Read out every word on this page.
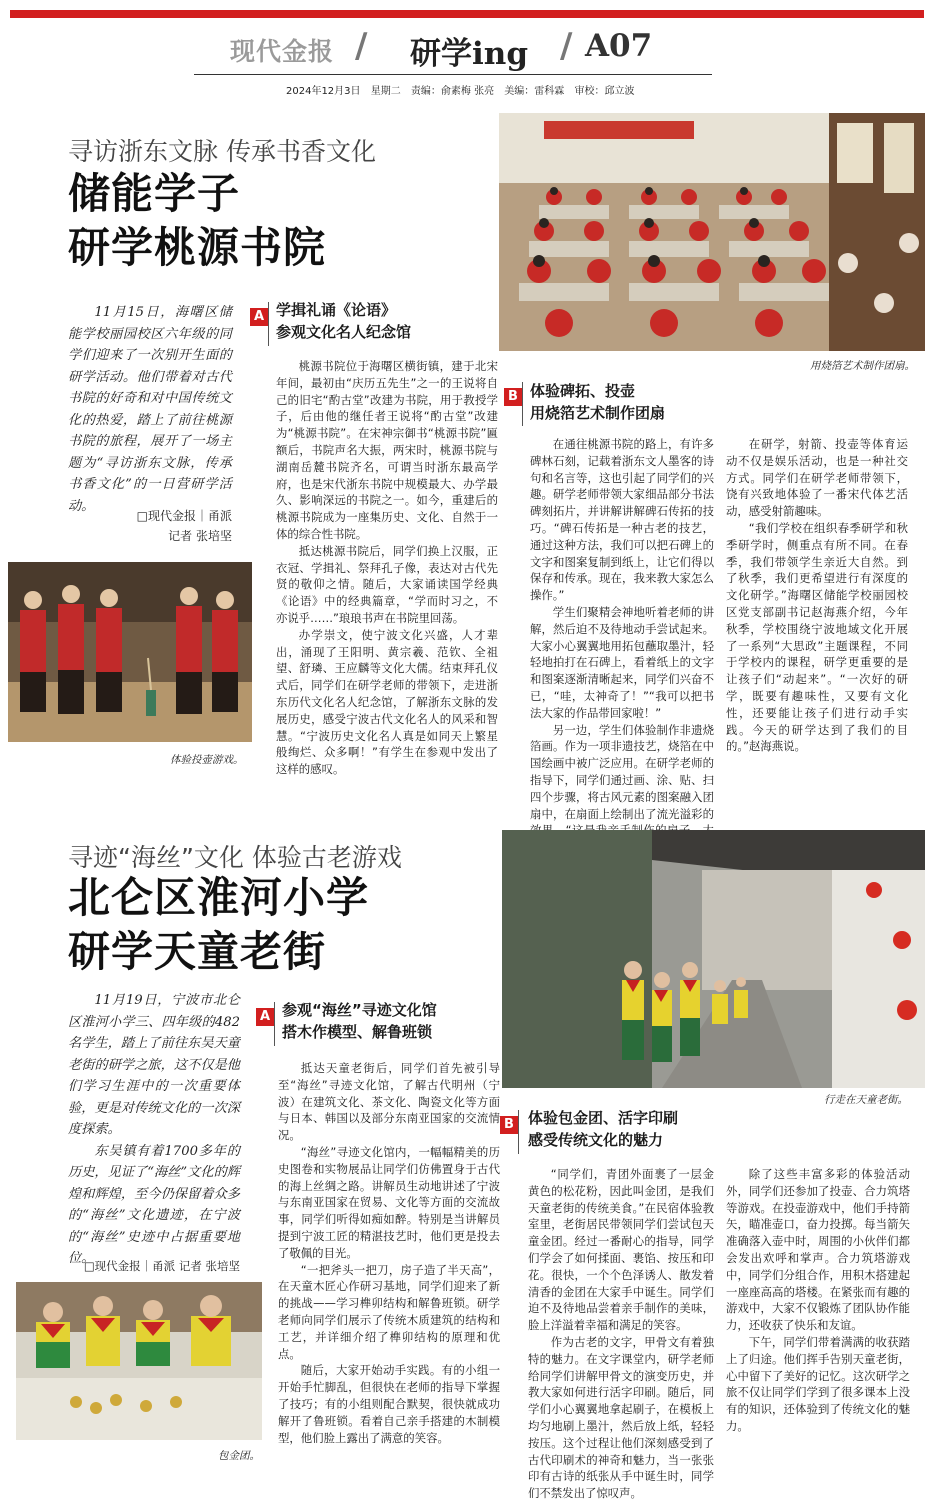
现代金报 / 研学ing / A07
2024年12月3日 星期二 责编：俞素梅 张亮 美编：雷科霖 审校：邱立波
寻访浙东文脉 传承书香文化
储能学子
研学桃源书院
用烧箔艺术制作团扇。

11月15日，海曙区储能学校丽园校区六年级的同学们迎来了一次别开生面的研学活动。他们带着对古代书院的好奇和对中国传统文化的热爱，踏上了前往桃源书院的旅程，展开了一场主题为“寻访浙东文脉，传承书香文化”的一日营研学活动。

□现代金报｜甬派
记者 张培坚
体验投壶游戏。
A 学揖礼诵《论语》
参观文化名人纪念馆

桃源书院位于海曙区横街镇，建于北宋年间，最初由“庆历五先生”之一的王说将自己的旧宅“酌古堂”改建为书院，用于教授学子，后由他的继任者王说将“酌古堂”改建为“桃源书院”。在宋神宗御书“桃源书院”匾额后，书院声名大振，两宋时，桃源书院与湖南岳麓书院齐名，可谓当时浙东最高学府，也是宋代浙东书院中规模最大、办学最久、影响深远的书院之一。如今，重建后的桃源书院成为一座集历史、文化、自然于一体的综合性书院。

抵达桃源书院后，同学们换上汉服，正衣冠、学揖礼、祭拜孔子像，表达对古代先贤的敬仰之情。随后，大家诵读国学经典《论语》中的经典篇章，“学而时习之，不亦说乎……”琅琅书声在书院里回荡。

办学崇文，使宁波文化兴盛，人才辈出，涌现了王阳明、黄宗羲、范钦、全祖望、舒璘、王应麟等文化大儒。结束拜孔仪式后，同学们在研学老师的带领下，走进浙东历代文化名人纪念馆，了解浙东文脉的发展历史，感受宁波古代文化名人的风采和智慧。“宁波历史文化名人真是如同天上繁星般绚烂、众多啊！”有学生在参观中发出了这样的感叹。

B 体验碑拓、投壶
用烧箔艺术制作团扇

在通往桃源书院的路上，有许多碑林石刻，记载着浙东文人墨客的诗句和名言等，这也引起了同学们的兴趣。研学老师带领大家细品部分书法碑刻拓片，并讲解讲解碑石传拓的技巧。“碑石传拓是一种古老的技艺，通过这种方法，我们可以把石碑上的文字和图案复制到纸上，让它们得以保存和传承。现在，我来教大家怎么操作。”

学生们聚精会神地听着老师的讲解，然后迫不及待地动手尝试起来。大家小心翼翼地用拓包蘸取墨汁，轻轻地拍打在石碑上，看着纸上的文字和图案逐渐清晰起来，同学们兴奋不已，“哇，太神奇了！”“我可以把书法大家的作品带回家啦！”

另一边，学生们体验制作非遗烧箔画。作为一项非遗技艺，烧箔在中国绘画中被广泛应用。在研学老师的指导下，同学们通过画、涂、贴、扫四个步骤，将古风元素的图案融入团扇中，在扇面上绘制出了流光溢彩的

在研学，射箭、投壶等体育运动不仅是娱乐活动，也是一种社交方式。同学们在研学老师带领下，饶有兴致地体验了一番宋代体艺活动，感受射箭趣味。

“我们学校在组织春季研学和秋季研学时，侧重点有所不同。在春季，我们带领学生亲近大自然。到了秋季，我们更希望进行有深度的文化研学。”海曙区储能学校丽园校区党支部副书记赵海燕介绍，今年秋季，学校围绕宁波地域文化开展了一系列“大思政”主题课程，不同于学校内的课程，研学更重要的是让孩子们“动起来”。“一次好的研学，既要有趣味性，又要有文化性，还要能让孩子们进行动手实践。今天的研学达到了我们的目的。”赵海燕说。

寻迹“海丝”文化 体验古老游戏
北仑区淮河小学
研学天童老街
行走在天童老街。

11月19日，宁波市北仑区淮河小学三、四年级的482名学生，踏上了前往东吴天童老街的研学之旅，这不仅是他们学习生涯中的一次重要体验，更是对传统文化的一次深度探索。

东吴镇有着1700多年的历史，见证了“海丝”文化的辉煌和辉煌，至今仍保留着众多的“海丝”文化遗迹，在宁波的“海丝”史迹中占据重要地位。

□现代金报｜甬派 记者 张培坚
包金团。
A 参观“海丝”寻迹文化馆
搭木作模型、解鲁班锁

抵达天童老街后，同学们首先被引导至“海丝”寻迹文化馆，了解古代明州（宁波）在建筑文化、茶文化、陶瓷文化等方面与日本、韩国以及部分东南亚国家的交流情况。

“海丝”寻迹文化馆内，一幅幅精美的历史图卷和实物展品让同学们仿佛置身于古代的海上丝绸之路。讲解员生动地讲述了宁波与东南亚国家在贸易、文化等方面的交流故事，同学们听得如痴如醉。特别是当讲解员提到宁波工匠的精湛技艺时，他们更是投去了敬佩的目光。

“一把斧头一把刀，房子造了半天高”，在天童木匠心作研习基地，同学们迎来了新的挑战——学习榫卯结构和解鲁班锁。研学老师向同学们展示了传统木质建筑的结构和工艺，并详细介绍了榫卯结构的原理和优点。

随后，大家开始动手实践。有的小组一开始手忙脚乱，但很快在老师的指导下掌握了技巧；有的小组则配合默契，很快就成功解开了鲁班锁。看着自己亲手搭建的木制模型，他们脸上露出了满意的笑容。

B 体验包金团、活字印刷
感受传统文化的魅力

“同学们，青团外面裹了一层金黄色的松花粉，因此叫金团，是我们天童老街的传统美食。”在民宿体验教室里，老街居民带领同学们尝试包天童金团。经过一番耐心的指导，同学们学会了如何揉面、裹馅、按压和印花。很快，一个个色泽诱人、散发着清香的金团在大家手中诞生。同学们迫不及待地品尝着亲手制作的美味，脸上洋溢着幸福和满足的笑容。

作为古老的文字，甲骨文有着独特的魅力。在文字课堂内，研学老师给同学们讲解甲骨文的演变历史，并教大家如何进行活字印刷。随后，同学们小心翼翼地拿起刷子，在模板上均匀地刷上墨汁，然后放上纸，轻轻按压。这个过程让他们深刻感受到了古代印刷术的神奇和魅力，当一张张印有古诗的纸张从手中诞生时，同学们不禁发出了惊叹声。

除了这些丰富多彩的体验活动外，同学们还参加了投壶、合力筑塔等游戏。在投壶游戏中，他们手持箭矢，瞄准壶口，奋力投掷。每当箭矢准确落入壶中时，周围的小伙伴们都会发出欢呼和掌声。合力筑塔游戏中，同学们分组合作，用积木搭建起一座座高高的塔楼。在紧张而有趣的游戏中，大家不仅锻炼了团队协作能力，还收获了快乐和友谊。

下午，同学们带着满满的收获踏上了归途。他们挥手告别天童老街，心中留下了美好的记忆。这次研学之旅不仅让同学们学到了很多课本上没有的知识，还体验到了传统文化的魅力。
